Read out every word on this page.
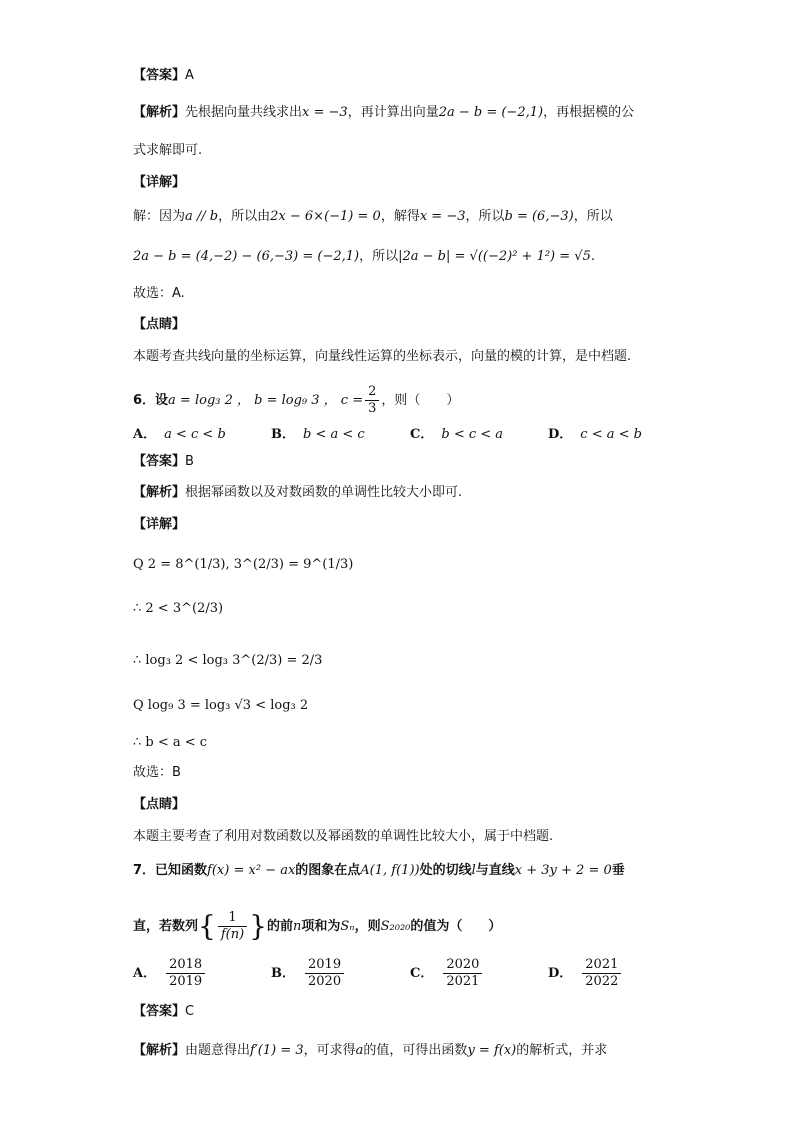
【答案】A
【解析】先根据向量共线求出x = −3，再计算出向量2a − b = (−2,1)，再根据模的公
式求解即可.
【详解】
解：因为a // b，所以由2x − 6×(−1) = 0，解得x = −3，所以b = (6,−3)，所以
2a − b = (4,−2) − (6,−3) = (−2,1)，所以|2a − b| = √((−2)² + 1²) = √5.
故选：A.
【点睛】
本题考查共线向量的坐标运算，向量线性运算的坐标表示，向量的模的计算，是中档题.
6．设a = log₃ 2 ， b = log₉ 3 ， $c = \frac{2}{3}$ ，则（　　）
A． a < c < b	B． b < a < c	C． b < c < a	D． c < a < b
【答案】B
【解析】根据幂函数以及对数函数的单调性比较大小即可.
【详解】
Q 2 = 8^(1/3), 3^(2/3) = 9^(1/3)
∴ 2 < 3^(2/3)
∴ log₃ 2 < log₃ 3^(2/3) = 2/3
Q log₉ 3 = log₃ √3 < log₃ 2
∴ b < a < c
故选：B
【点睛】
本题主要考查了利用对数函数以及幂函数的单调性比较大小，属于中档题.
7．已知函数f(x) = x² − ax的图象在点A(1, f(1))处的切线l与直线x + 3y + 2 = 0垂
直，若数列{ $\frac{1}{f(n)}$ }的前n项和为Sₙ，则S₂₀₂₀的值为（　　）
A． $\frac{2018}{2019}$	B． $\frac{2019}{2020}$	C． $\frac{2020}{2021}$	D． $\frac{2021}{2022}$
【答案】C
【解析】由题意得出f′(1) = 3，可求得a的值，可得出函数y = f(x)的解析式，并求
